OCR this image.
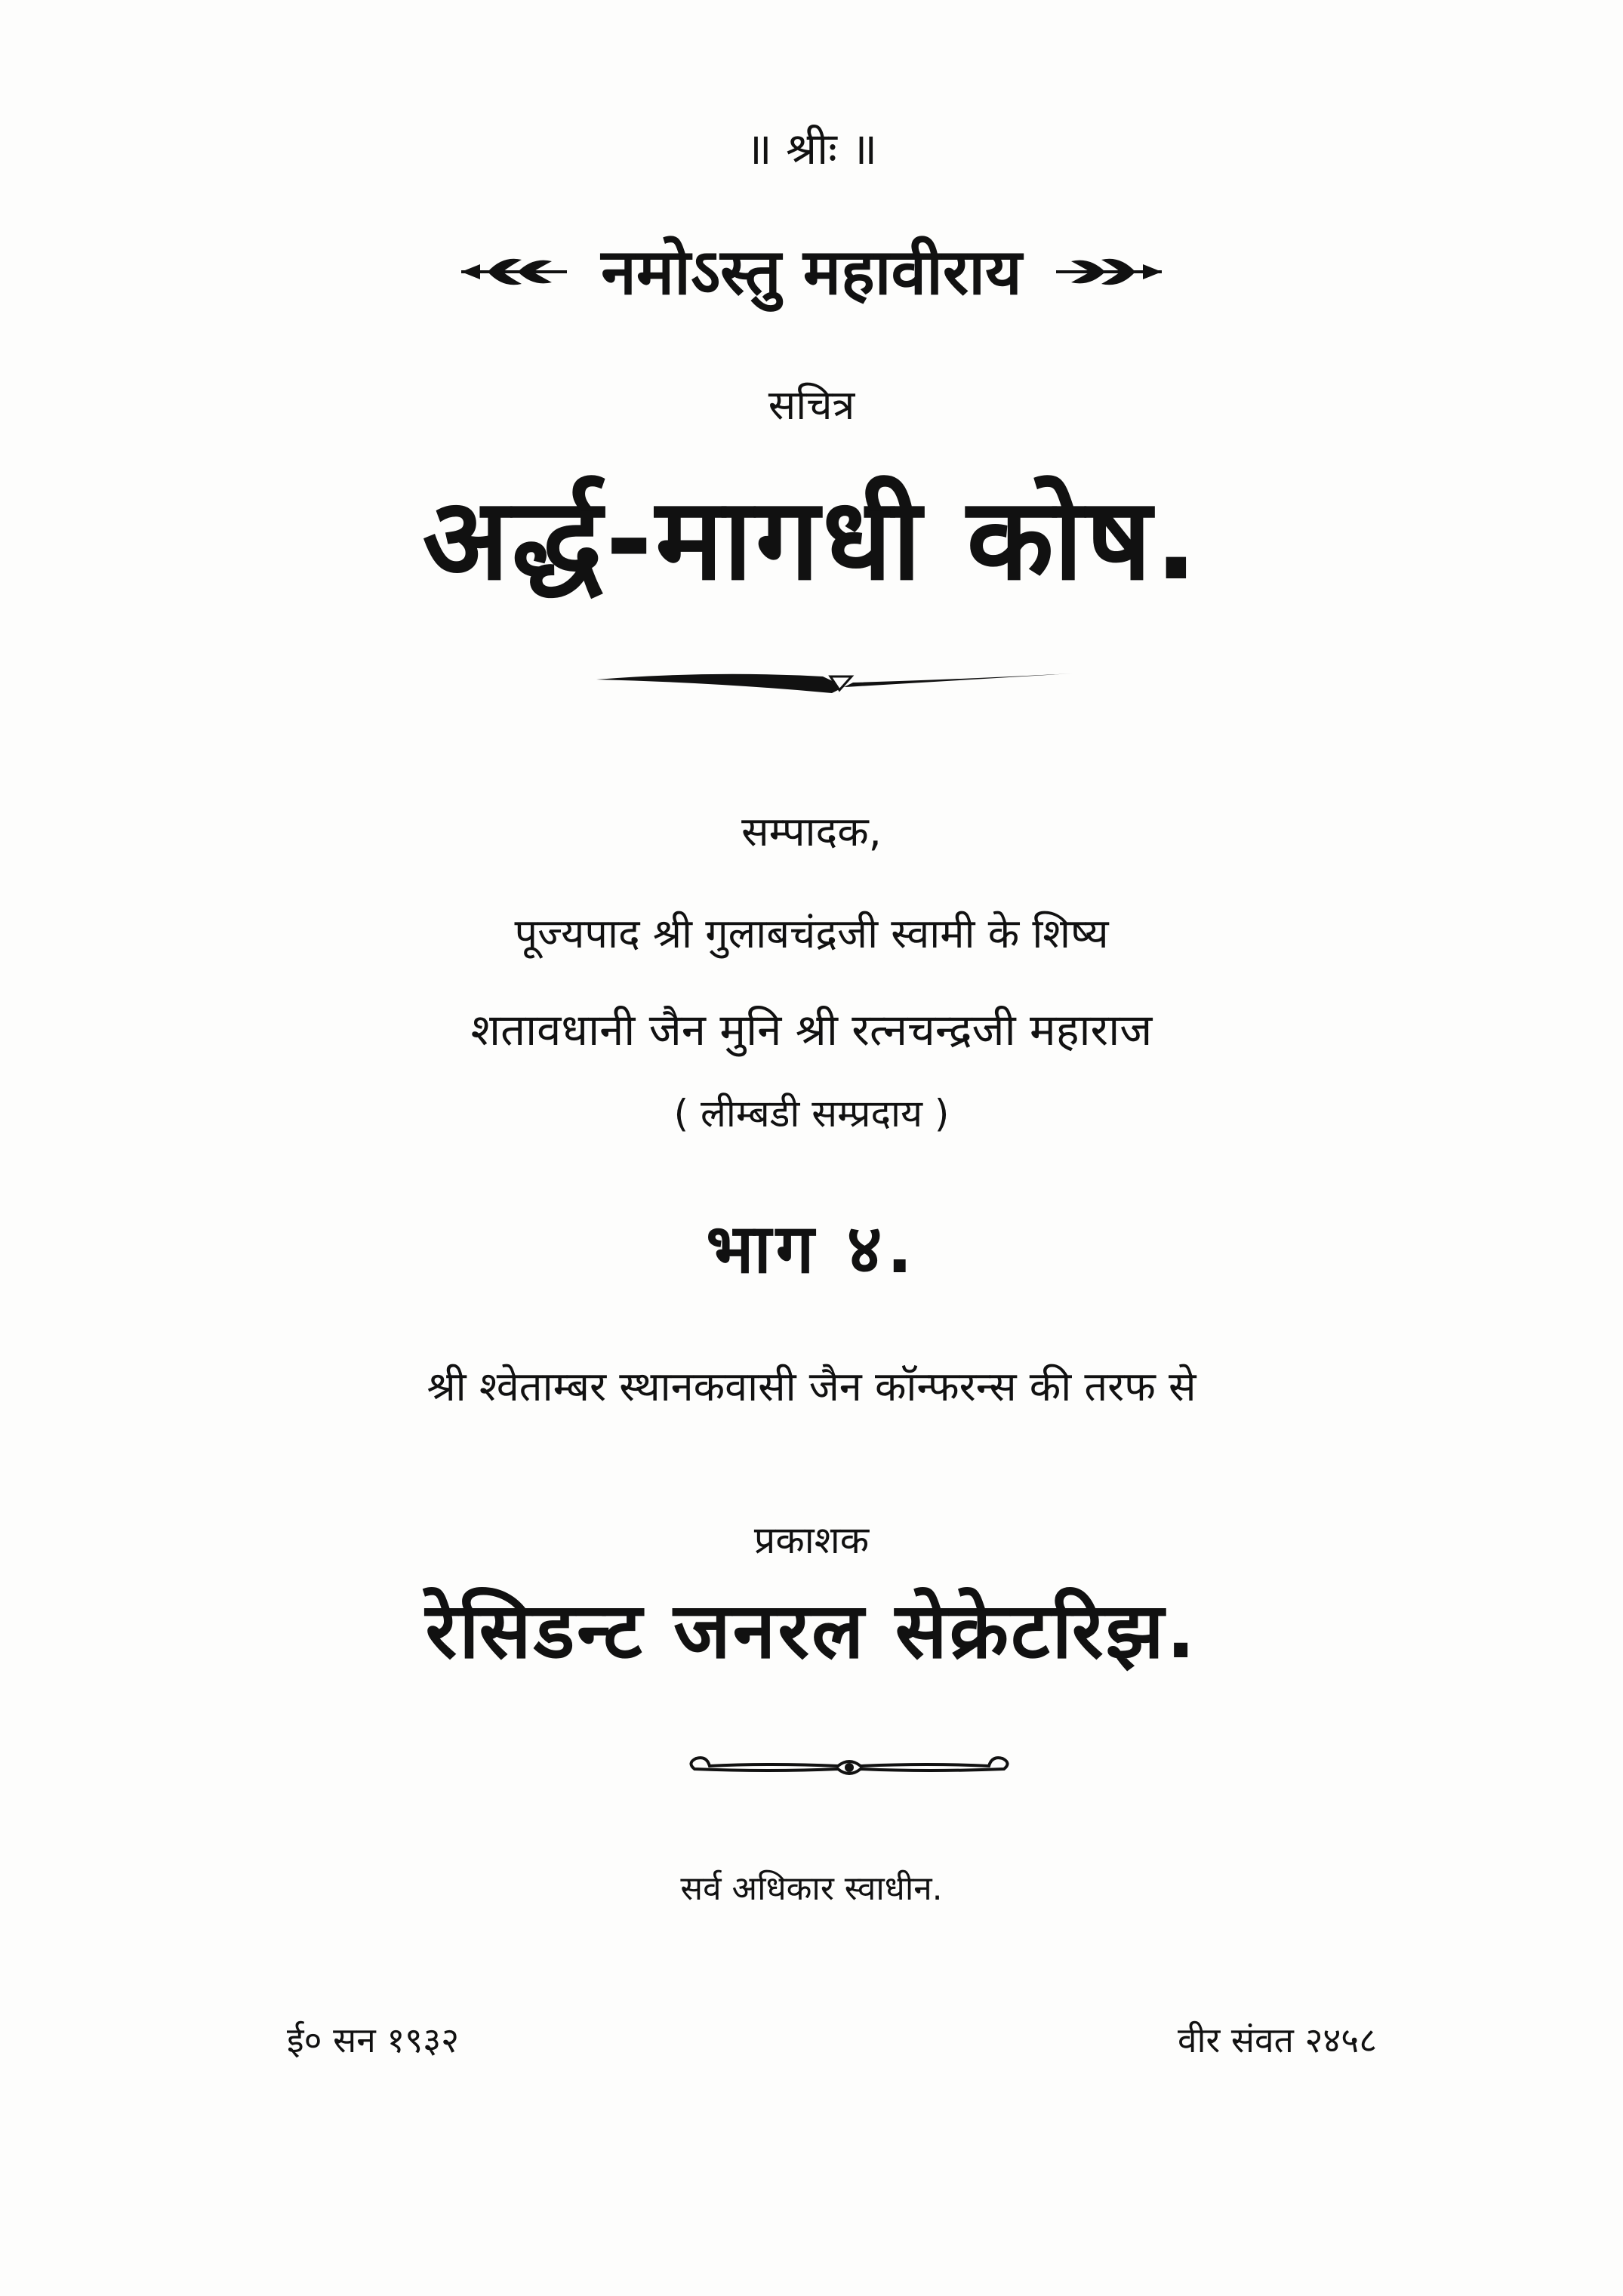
॥ श्रीः ॥
नमोऽस्तु महावीराय
सचित्र
अर्द्ध-मागधी कोष.
सम्पादक,
पूज्यपाद श्री गुलाबचंद्रजी स्वामी के शिष्य
शतावधानी जैन मुनि श्री रत्नचन्द्रजी महाराज
( लीम्बडी सम्प्रदाय )
भाग ४.
श्री श्वेताम्बर स्थानकवासी जैन कॉन्फरन्स की तरफ से
प्रकाशक
रेसिडन्ट जनरल सेक्रेटरिझ.
सर्व अधिकार स्वाधीन.
ई० सन १९३२	वीर संवत २४५८
